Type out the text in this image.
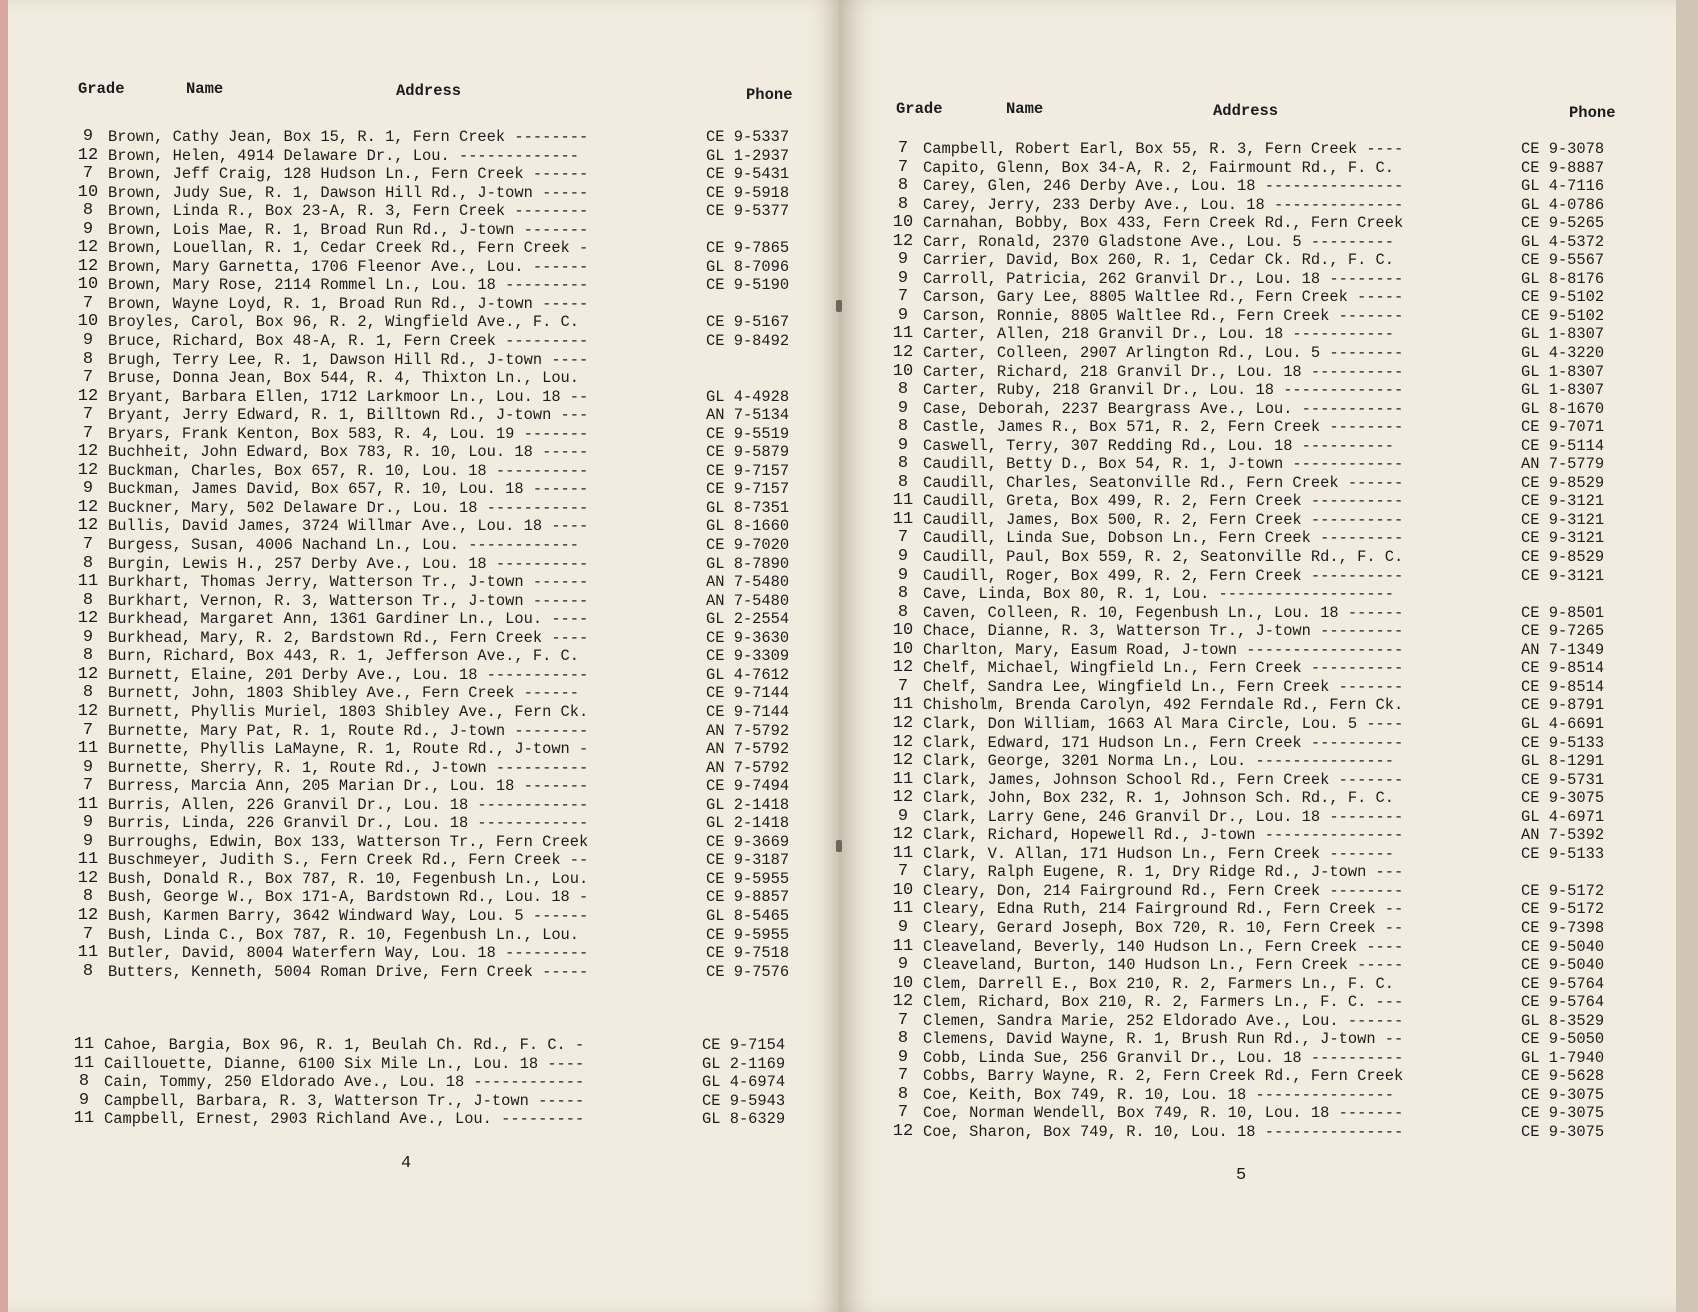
Grade	Name	Address	Phone
9 Brown, Cathy Jean, Box 15, R. 1, Fern Creek --------	CE 9-5337
12 Brown, Helen, 4914 Delaware Dr., Lou. -------------	GL 1-2937
7 Brown, Jeff Craig, 128 Hudson Ln., Fern Creek ------	CE 9-5431
10 Brown, Judy Sue, R. 1, Dawson Hill Rd., J-town -----	CE 9-5918
8 Brown, Linda R., Box 23-A, R. 3, Fern Creek --------	CE 9-5377
9 Brown, Lois Mae, R. 1, Broad Run Rd., J-town -------
12 Brown, Louellan, R. 1, Cedar Creek Rd., Fern Creek -	CE 9-7865
12 Brown, Mary Garnetta, 1706 Fleenor Ave., Lou. ------	GL 8-7096
10 Brown, Mary Rose, 2114 Rommel Ln., Lou. 18 ---------	CE 9-5190
7 Brown, Wayne Loyd, R. 1, Broad Run Rd., J-town -----
10 Broyles, Carol, Box 96, R. 2, Wingfield Ave., F. C.	CE 9-5167
9 Bruce, Richard, Box 48-A, R. 1, Fern Creek ---------	CE 9-8492
8 Brugh, Terry Lee, R. 1, Dawson Hill Rd., J-town ----
7 Bruse, Donna Jean, Box 544, R. 4, Thixton Ln., Lou.
12 Bryant, Barbara Ellen, 1712 Larkmoor Ln., Lou. 18 --	GL 4-4928
7 Bryant, Jerry Edward, R. 1, Billtown Rd., J-town ---	AN 7-5134
7 Bryars, Frank Kenton, Box 583, R. 4, Lou. 19 -------	CE 9-5519
12 Buchheit, John Edward, Box 783, R. 10, Lou. 18 -----	CE 9-5879
12 Buckman, Charles, Box 657, R. 10, Lou. 18 ----------	CE 9-7157
9 Buckman, James David, Box 657, R. 10, Lou. 18 ------	CE 9-7157
12 Buckner, Mary, 502 Delaware Dr., Lou. 18 -----------	GL 8-7351
12 Bullis, David James, 3724 Willmar Ave., Lou. 18 ----	GL 8-1660
7 Burgess, Susan, 4006 Nachand Ln., Lou. ------------	CE 9-7020
8 Burgin, Lewis H., 257 Derby Ave., Lou. 18 ----------	GL 8-7890
11 Burkhart, Thomas Jerry, Watterson Tr., J-town ------	AN 7-5480
8 Burkhart, Vernon, R. 3, Watterson Tr., J-town ------	AN 7-5480
12 Burkhead, Margaret Ann, 1361 Gardiner Ln., Lou. ----	GL 2-2554
9 Burkhead, Mary, R. 2, Bardstown Rd., Fern Creek ----	CE 9-3630
8 Burn, Richard, Box 443, R. 1, Jefferson Ave., F. C.	CE 9-3309
12 Burnett, Elaine, 201 Derby Ave., Lou. 18 -----------	GL 4-7612
8 Burnett, John, 1803 Shibley Ave., Fern Creek ------	CE 9-7144
12 Burnett, Phyllis Muriel, 1803 Shibley Ave., Fern Ck.	CE 9-7144
7 Burnette, Mary Pat, R. 1, Route Rd., J-town --------	AN 7-5792
11 Burnette, Phyllis LaMayne, R. 1, Route Rd., J-town -	AN 7-5792
9 Burnette, Sherry, R. 1, Route Rd., J-town ----------	AN 7-5792
7 Burress, Marcia Ann, 205 Marian Dr., Lou. 18 -------	CE 9-7494
11 Burris, Allen, 226 Granvil Dr., Lou. 18 ------------	GL 2-1418
9 Burris, Linda, 226 Granvil Dr., Lou. 18 ------------	GL 2-1418
9 Burroughs, Edwin, Box 133, Watterson Tr., Fern Creek	CE 9-3669
11 Buschmeyer, Judith S., Fern Creek Rd., Fern Creek --	CE 9-3187
12 Bush, Donald R., Box 787, R. 10, Fegenbush Ln., Lou.	CE 9-5955
8 Bush, George W., Box 171-A, Bardstown Rd., Lou. 18 -	CE 9-8857
12 Bush, Karmen Barry, 3642 Windward Way, Lou. 5 ------	GL 8-5465
7 Bush, Linda C., Box 787, R. 10, Fegenbush Ln., Lou.	CE 9-5955
11 Butler, David, 8004 Waterfern Way, Lou. 18 ---------	CE 9-7518
8 Butters, Kenneth, 5004 Roman Drive, Fern Creek -----	CE 9-7576
11 Cahoe, Bargia, Box 96, R. 1, Beulah Ch. Rd., F. C. -	CE 9-7154
11 Caillouette, Dianne, 6100 Six Mile Ln., Lou. 18 ----	GL 2-1169
8 Cain, Tommy, 250 Eldorado Ave., Lou. 18 ------------	GL 4-6974
9 Campbell, Barbara, R. 3, Watterson Tr., J-town -----	CE 9-5943
11 Campbell, Ernest, 2903 Richland Ave., Lou. ---------	GL 8-6329
4
Grade	Name	Address	Phone
7 Campbell, Robert Earl, Box 55, R. 3, Fern Creek ----	CE 9-3078
7 Capito, Glenn, Box 34-A, R. 2, Fairmount Rd., F. C.	CE 9-8887
8 Carey, Glen, 246 Derby Ave., Lou. 18 ---------------	GL 4-7116
8 Carey, Jerry, 233 Derby Ave., Lou. 18 --------------	GL 4-0786
10 Carnahan, Bobby, Box 433, Fern Creek Rd., Fern Creek	CE 9-5265
12 Carr, Ronald, 2370 Gladstone Ave., Lou. 5 ---------	GL 4-5372
9 Carrier, David, Box 260, R. 1, Cedar Ck. Rd., F. C.	CE 9-5567
9 Carroll, Patricia, 262 Granvil Dr., Lou. 18 --------	GL 8-8176
7 Carson, Gary Lee, 8805 Waltlee Rd., Fern Creek -----	CE 9-5102
9 Carson, Ronnie, 8805 Waltlee Rd., Fern Creek -------	CE 9-5102
11 Carter, Allen, 218 Granvil Dr., Lou. 18 -----------	GL 1-8307
12 Carter, Colleen, 2907 Arlington Rd., Lou. 5 --------	GL 4-3220
10 Carter, Richard, 218 Granvil Dr., Lou. 18 ----------	GL 1-8307
8 Carter, Ruby, 218 Granvil Dr., Lou. 18 -------------	GL 1-8307
9 Case, Deborah, 2237 Beargrass Ave., Lou. -----------	GL 8-1670
8 Castle, James R., Box 571, R. 2, Fern Creek --------	CE 9-7071
9 Caswell, Terry, 307 Redding Rd., Lou. 18 ----------	CE 9-5114
8 Caudill, Betty D., Box 54, R. 1, J-town ------------	AN 7-5779
8 Caudill, Charles, Seatonville Rd., Fern Creek ------	CE 9-8529
11 Caudill, Greta, Box 499, R. 2, Fern Creek ----------	CE 9-3121
11 Caudill, James, Box 500, R. 2, Fern Creek ----------	CE 9-3121
7 Caudill, Linda Sue, Dobson Ln., Fern Creek ---------	CE 9-3121
9 Caudill, Paul, Box 559, R. 2, Seatonville Rd., F. C.	CE 9-8529
9 Caudill, Roger, Box 499, R. 2, Fern Creek ----------	CE 9-3121
8 Cave, Linda, Box 80, R. 1, Lou. -------------------
8 Caven, Colleen, R. 10, Fegenbush Ln., Lou. 18 ------	CE 9-8501
10 Chace, Dianne, R. 3, Watterson Tr., J-town ---------	CE 9-7265
10 Charlton, Mary, Easum Road, J-town -----------------	AN 7-1349
12 Chelf, Michael, Wingfield Ln., Fern Creek ----------	CE 9-8514
7 Chelf, Sandra Lee, Wingfield Ln., Fern Creek -------	CE 9-8514
11 Chisholm, Brenda Carolyn, 492 Ferndale Rd., Fern Ck.	CE 9-8791
12 Clark, Don William, 1663 Al Mara Circle, Lou. 5 ----	GL 4-6691
12 Clark, Edward, 171 Hudson Ln., Fern Creek ----------	CE 9-5133
12 Clark, George, 3201 Norma Ln., Lou. ---------------	GL 8-1291
11 Clark, James, Johnson School Rd., Fern Creek -------	CE 9-5731
12 Clark, John, Box 232, R. 1, Johnson Sch. Rd., F. C.	CE 9-3075
9 Clark, Larry Gene, 246 Granvil Dr., Lou. 18 --------	GL 4-6971
12 Clark, Richard, Hopewell Rd., J-town ---------------	AN 7-5392
11 Clark, V. Allan, 171 Hudson Ln., Fern Creek -------	CE 9-5133
7 Clary, Ralph Eugene, R. 1, Dry Ridge Rd., J-town ---
10 Cleary, Don, 214 Fairground Rd., Fern Creek --------	CE 9-5172
11 Cleary, Edna Ruth, 214 Fairground Rd., Fern Creek --	CE 9-5172
9 Cleary, Gerard Joseph, Box 720, R. 10, Fern Creek --	CE 9-7398
11 Cleaveland, Beverly, 140 Hudson Ln., Fern Creek ----	CE 9-5040
9 Cleaveland, Burton, 140 Hudson Ln., Fern Creek -----	CE 9-5040
10 Clem, Darrell E., Box 210, R. 2, Farmers Ln., F. C.	CE 9-5764
12 Clem, Richard, Box 210, R. 2, Farmers Ln., F. C. ---	CE 9-5764
7 Clemen, Sandra Marie, 252 Eldorado Ave., Lou. ------	GL 8-3529
8 Clemens, David Wayne, R. 1, Brush Run Rd., J-town --	CE 9-5050
9 Cobb, Linda Sue, 256 Granvil Dr., Lou. 18 ----------	GL 1-7940
7 Cobbs, Barry Wayne, R. 2, Fern Creek Rd., Fern Creek	CE 9-5628
8 Coe, Keith, Box 749, R. 10, Lou. 18 ---------------	CE 9-3075
7 Coe, Norman Wendell, Box 749, R. 10, Lou. 18 -------	CE 9-3075
12 Coe, Sharon, Box 749, R. 10, Lou. 18 ---------------	CE 9-3075
5
